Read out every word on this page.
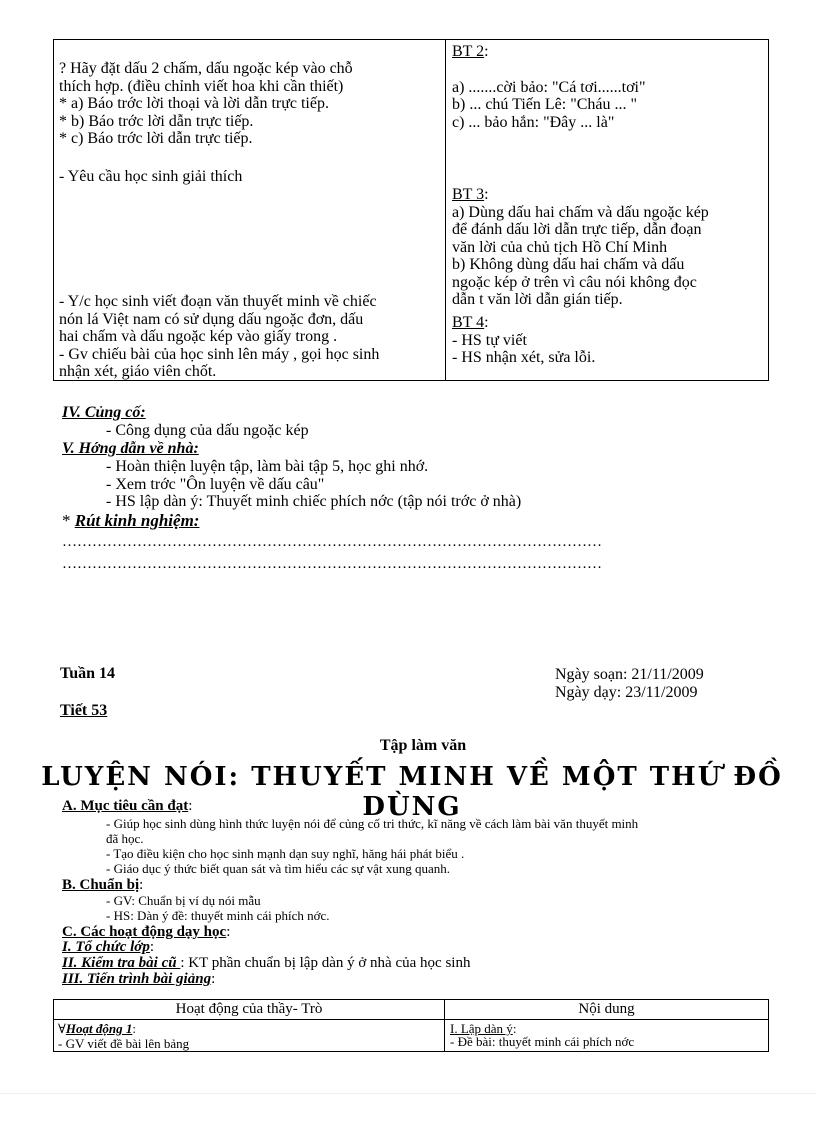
? Hãy đặt dấu 2 chấm, dấu ngoặc kép vào chỗ
thích hợp. (điều chỉnh viết hoa khi cần thiết)
* a) Báo trớc lời thoại và lời dẫn trực tiếp.
* b) Báo trớc lời dẫn trực tiếp.
* c) Báo trớc lời dẫn trực tiếp.
- Yêu cầu học sinh giải thích
- Y/c học sinh viết đoạn văn thuyết minh về chiếc
nón lá Việt nam có sử dụng dấu ngoặc đơn, dấu
hai chấm và dấu ngoặc kép vào giấy trong .
- Gv chiếu bài của học sinh lên máy , gọi học sinh
nhận xét, giáo viên chốt.
BT 2:
a) .......cời bảo: "Cá tơi......tơi"
b) ... chú Tiến Lê: "Cháu ... "
c) ... bảo hắn: "Đây ... là"
BT 3:
a) Dùng dấu hai chấm và dấu ngoặc kép
để đánh dấu lời dẫn trực tiếp, dẫn đoạn
văn lời của chủ tịch Hồ Chí Minh
b) Không dùng dấu hai chấm và dấu
ngoặc kép ở trên vì câu nói không đọc
dẫn t văn lời dẫn gián tiếp.
BT 4:
- HS tự viết
- HS nhận xét, sửa lỗi.
IV. Củng cố:
- Công dụng của dấu ngoặc kép
V. Hớng dẫn về nhà:
- Hoàn thiện luyện tập, làm bài tập 5, học ghi nhớ.
- Xem trớc "Ôn luyện về dấu câu"
- HS lập dàn ý: Thuyết minh chiếc phích nớc (tập nói trớc ở nhà)
* Rút kinh nghiệm:
………………………………………………………………………………………………
………………………………………………………………………………………………
Tuần 14
Tiết 53
Ngày soạn: 21/11/2009
Ngày dạy: 23/11/2009
Tập làm văn
LUYỆN NÓI: THUYẾT MINH VỀ MỘT THỨ ĐỒ DÙNG
A. Mục tiêu cần đạt:
- Giúp học sinh dùng hình thức luyện nói để củng cố tri thức, kĩ năng về cách làm bài văn thuyết minh
đã học.
- Tạo điều kiện cho học sinh mạnh dạn suy nghĩ, hăng hái phát biểu .
- Giáo dục ý thức biết quan sát và tìm hiểu các sự vật xung quanh.
B. Chuẩn bị:
- GV: Chuẩn bị ví dụ nói mẫu
- HS: Dàn ý đề: thuyết minh cái phích nớc.
C. Các hoạt động dạy học:
I. Tổ chức lớp:
II. Kiểm tra bài cũ : KT phần chuẩn bị lập dàn ý ở nhà của học sinh
III. Tiến trình bài giảng:
Hoạt động của thầy- Trò	Nội dung
∀Hoạt động 1:
- GV viết đề bài lên bảng
I. Lập dàn ý:
- Đề bài: thuyết minh cái phích nớc
